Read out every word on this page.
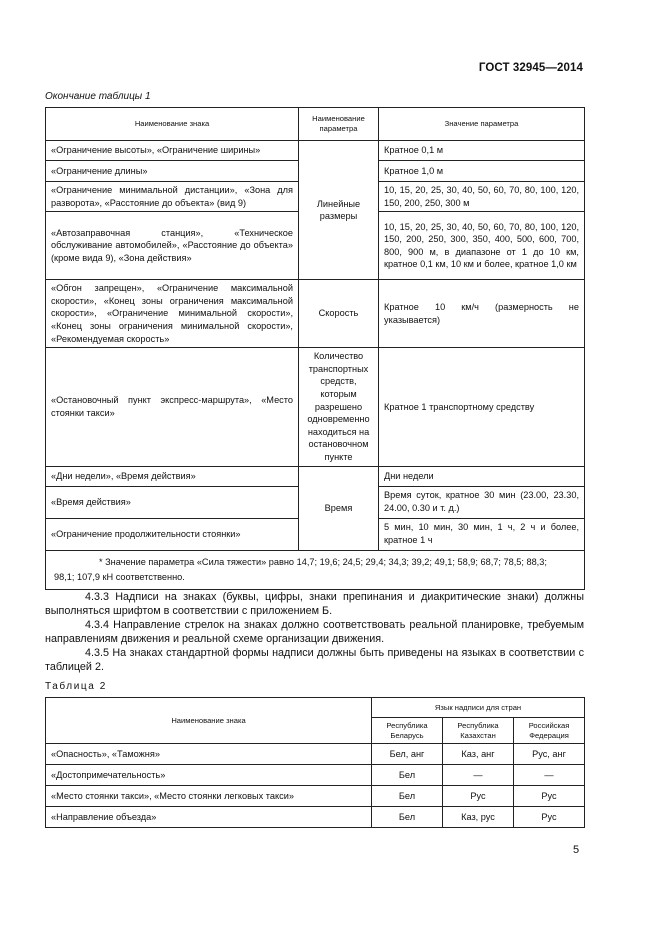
ГОСТ 32945—2014
Окончание таблицы 1
Наименование знака	Наименование параметра	Значение параметра
«Ограничение высоты», «Ограничение ширины»	Линейные размеры	Кратное 0,1 м
«Ограничение длины»		Кратное 1,0 м
«Ограничение минимальной дистанции», «Зона для разворота», «Расстояние до объекта» (вид 9)		10, 15, 20, 25, 30, 40, 50, 60, 70, 80, 100, 120, 150, 200, 250, 300 м
«Автозаправочная станция», «Техническое обслуживание автомобилей», «Расстояние до объекта» (кроме вида 9), «Зона действия»		10, 15, 20, 25, 30, 40, 50, 60, 70, 80, 100, 120, 150, 200, 250, 300, 350, 400, 500, 600, 700, 800, 900 м, в диапазоне от 1 до 10 км, кратное 0,1 км, 10 км и более, кратное 1,0 км
«Обгон запрещен», «Ограничение максимальной скорости», «Конец зоны ограничения максимальной скорости», «Ограничение минимальной скорости», «Конец зоны ограничения минимальной скорости», «Рекомендуемая скорость»	Скорость	Кратное 10 км/ч (размерность не указывается)
«Остановочный пункт экспресс-маршрута», «Место стоянки такси»	Количество транспортных средств, которым разрешено одновременно находиться на остановочном пункте	Кратное 1 транспортному средству
«Дни недели», «Время действия»	Время	Дни недели
«Время действия»		Время суток, кратное 30 мин (23.00, 23.30, 24.00, 0.30 и т. д.)
«Ограничение продолжительности стоянки»		5 мин, 10 мин, 30 мин, 1 ч, 2 ч и более, кратное 1 ч

* Значение параметра «Сила тяжести» равно 14,7; 19,6; 24,5; 29,4; 34,3; 39,2; 49,1; 58,9; 68,7; 78,5; 88,3;
98,1; 107,9 кН соответственно.		
4.3.3 Надписи на знаках (буквы, цифры, знаки препинания и диакритические знаки) должны выполняться шрифтом в соответствии с приложением Б.
4.3.4 Направление стрелок на знаках должно соответствовать реальной планировке, требуемым направлениям движения и реальной схеме организации движения.
4.3.5 На знаках стандартной формы надписи должны быть приведены на языках в соответствии с таблицей 2.
Таблица 2
Наименование знака	Язык надписи для стран		
	Республика Беларусь	Республика Казахстан	Российская Федерация
«Опасность», «Таможня»	Бел, анг	Каз, анг	Рус, анг
«Достопримечательность»	Бел	—	—
«Место стоянки такси», «Место стоянки легковых такси»	Бел	Рус	Рус
«Направление объезда»	Бел	Каз, рус	Рус
5
